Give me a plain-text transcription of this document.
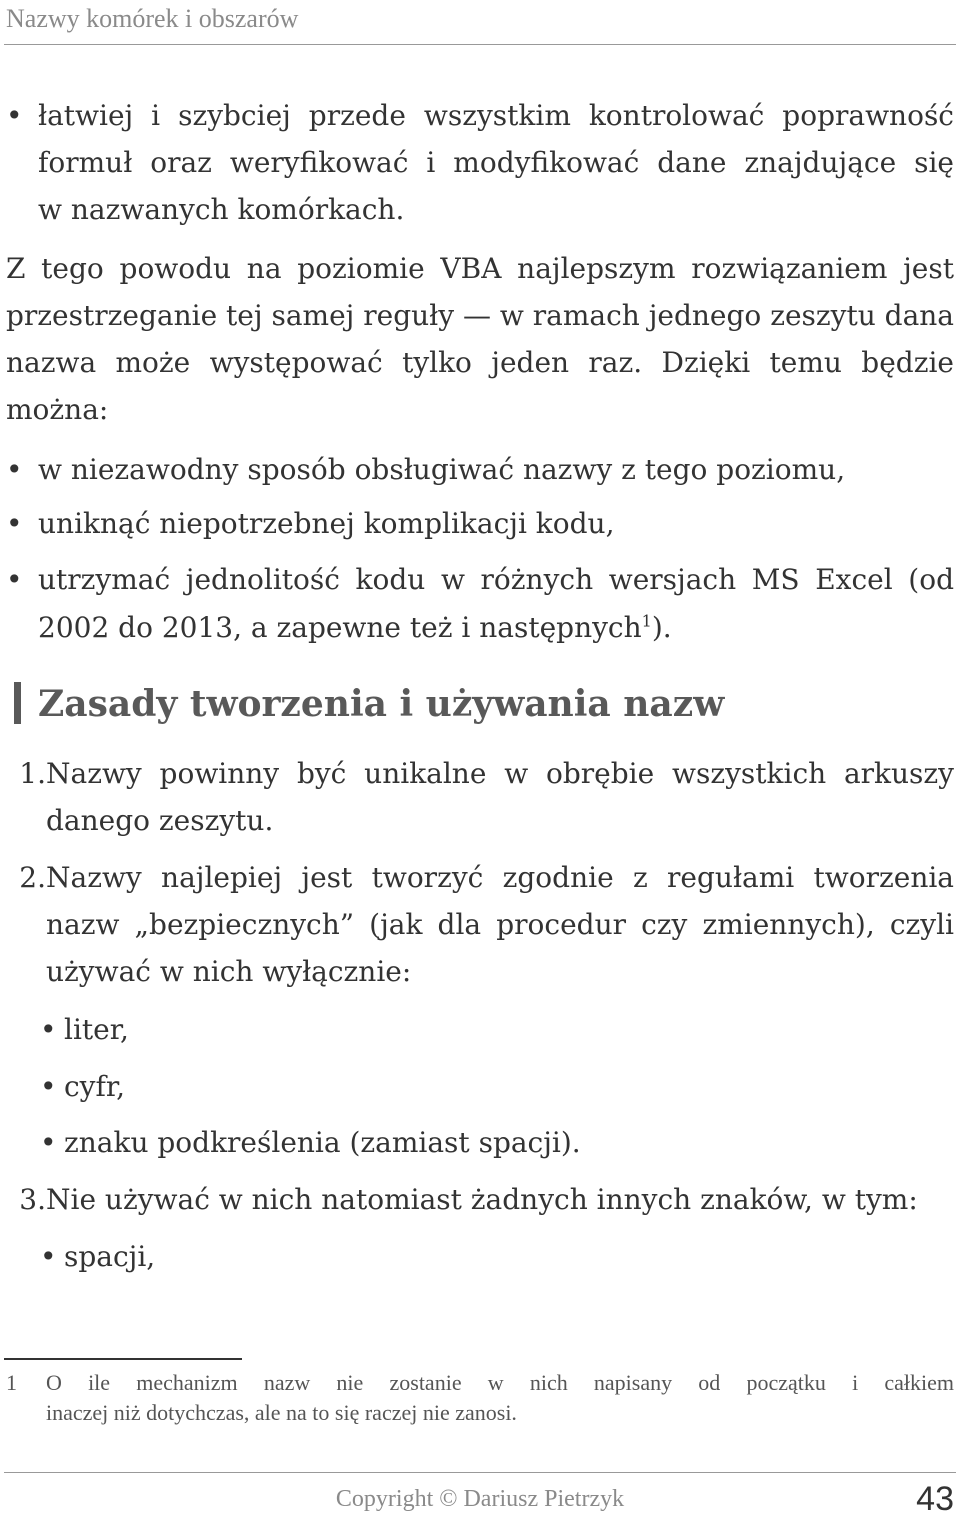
Nazwy komórek i obszarów
• łatwiej i szybciej przede wszystkim kontrolować poprawność
formuł oraz weryfikować i modyfikować dane znajdujące się
w nazwanych komórkach.
Z tego powodu na poziomie VBA najlepszym rozwiązaniem jest
przestrzeganie tej samej reguły — w ramach jednego zeszytu dana
nazwa może występować tylko jeden raz. Dzięki temu będzie
można:
• w niezawodny sposób obsługiwać nazwy z tego poziomu,
• uniknąć niepotrzebnej komplikacji kodu,
• utrzymać jednolitość kodu w różnych wersjach MS Excel (od
2002 do 2013, a zapewne też i następnych$^1$).
Zasady tworzenia i używania nazw
1. Nazwy powinny być unikalne w obrębie wszystkich arkuszy
danego zeszytu.
2. Nazwy najlepiej jest tworzyć zgodnie z regułami tworzenia
nazw „bezpiecznych” (jak dla procedur czy zmiennych), czyli
używać w nich wyłącznie:
• liter,
• cyfr,
• znaku podkreślenia (zamiast spacji).
3. Nie używać w nich natomiast żadnych innych znaków, w tym:
• spacji,
1 O ile mechanizm nazw nie zostanie w nich napisany od początku i całkiem
inaczej niż dotychczas, ale na to się raczej nie zanosi.
Copyright © Dariusz Pietrzyk	43
